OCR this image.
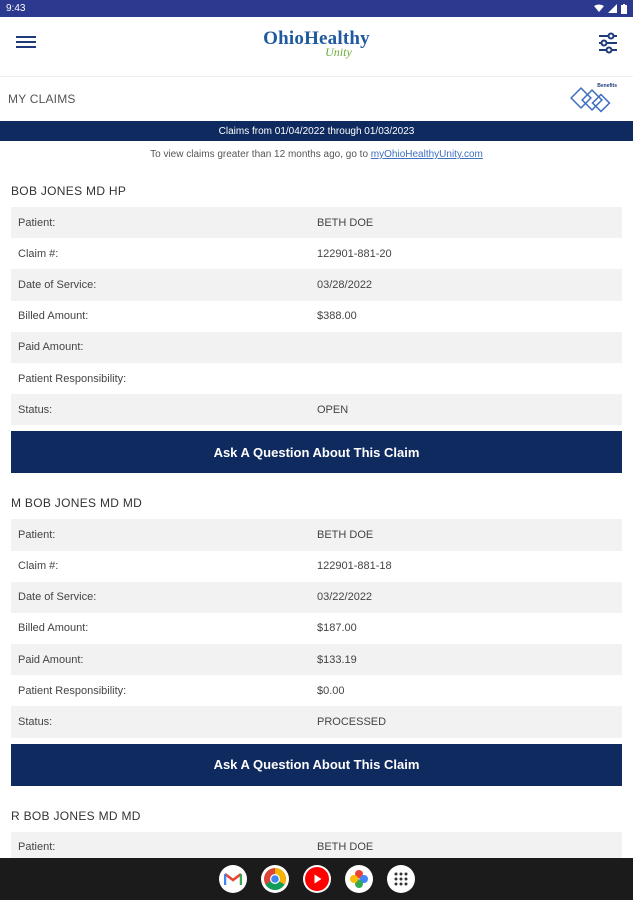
9:43
OhioHealthy
Unity
MY CLAIMS
Benefits
Claims from 01/04/2022 through 01/03/2023
To view claims greater than 12 months ago, go to myOhioHealthyUnity.com
BOB JONES MD HP
Patient:	BETH DOE
Claim #:	122901-881-20
Date of Service:	03/28/2022
Billed Amount:	$388.00
Paid Amount:
Patient Responsibility:
Status:	OPEN
Ask A Question About This Claim
M BOB JONES MD MD
Patient:	BETH DOE
Claim #:	122901-881-18
Date of Service:	03/22/2022
Billed Amount:	$187.00
Paid Amount:	$133.19
Patient Responsibility:	$0.00
Status:	PROCESSED
Ask A Question About This Claim
R BOB JONES MD MD
Patient:	BETH DOE
